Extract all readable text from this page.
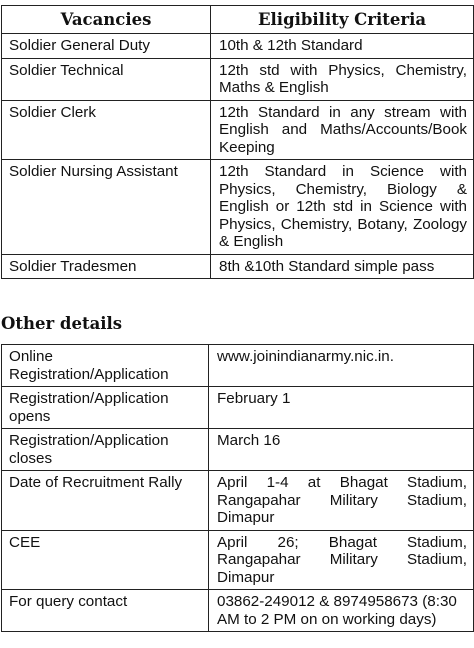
Vacancies	Eligibility Criteria
Soldier General Duty	10th & 12th Standard
Soldier Technical	12th std with Physics, Chemistry, Maths & English
Soldier Clerk	12th Standard in any stream with English and Maths/Accounts/Book Keeping
Soldier Nursing Assistant	12th Standard in Science with Physics, Chemistry, Biology & English or 12th std in Science with Physics, Chemistry, Botany, Zoology & English
Soldier Tradesmen	8th &10th Standard simple pass
Other details
Online Registration/Application	www.joinindianarmy.nic.in.
Registration/Application opens	February 1
Registration/Application closes	March 16
Date of Recruitment Rally	April 1-4 at Bhagat Stadium, Rangapahar Military Stadium, Dimapur
CEE	April 26; Bhagat Stadium, Rangapahar Military Stadium, Dimapur
For query contact	03862-249012 & 8974958673 (8:30 AM to 2 PM on on working days)
